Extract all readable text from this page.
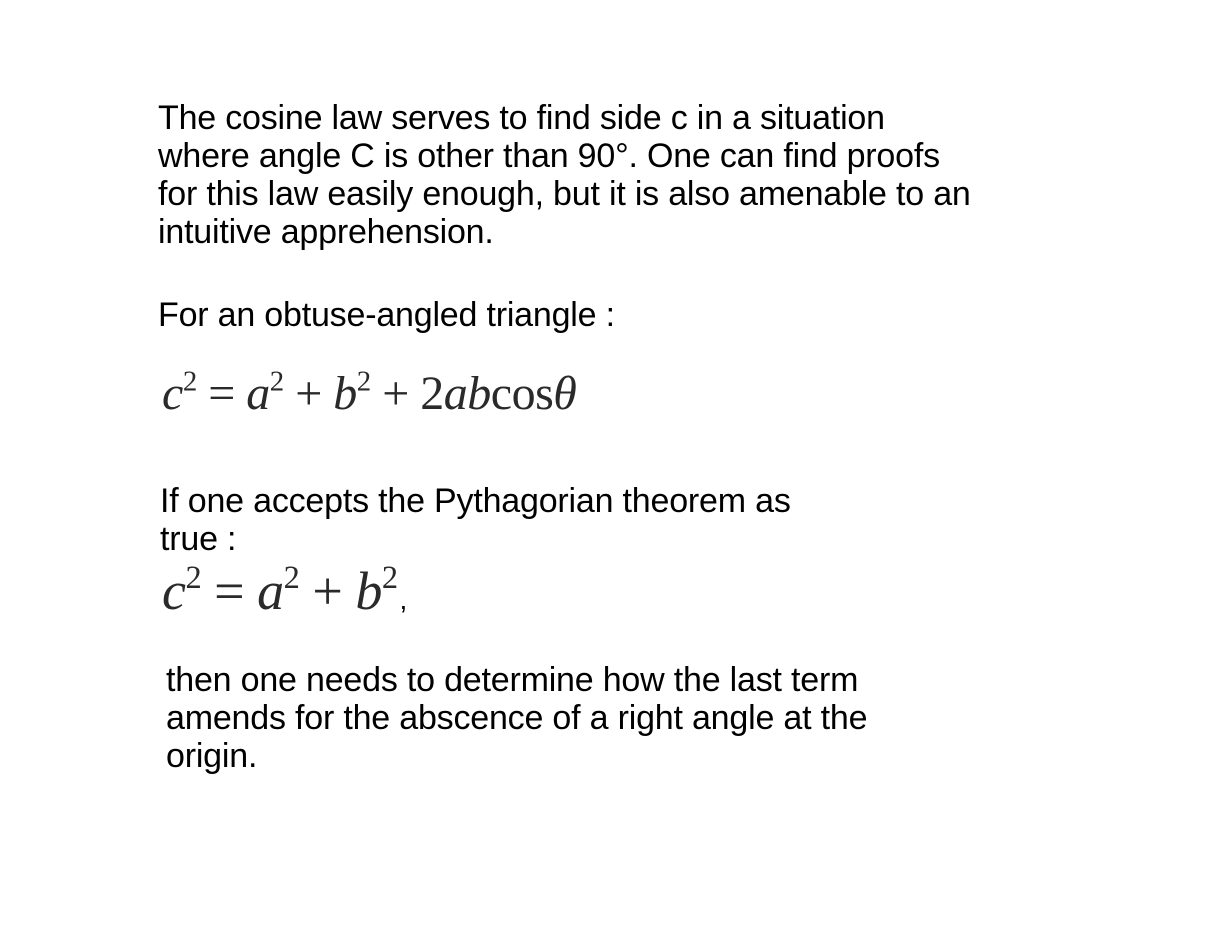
The cosine law serves to find side c in a situation
where angle C is other than 90°. One can find proofs
for this law easily enough, but it is also amenable to an
intuitive apprehension.

For an obtuse-angled triangle :

$c^2 = a^2 + b^2 + 2abcos\theta$

If one accepts the Pythagorian theorem as
true :

$c^2 = a^2 + b^2$,

then one needs to determine how the last term
amends for the abscence of a right angle at the
origin.
